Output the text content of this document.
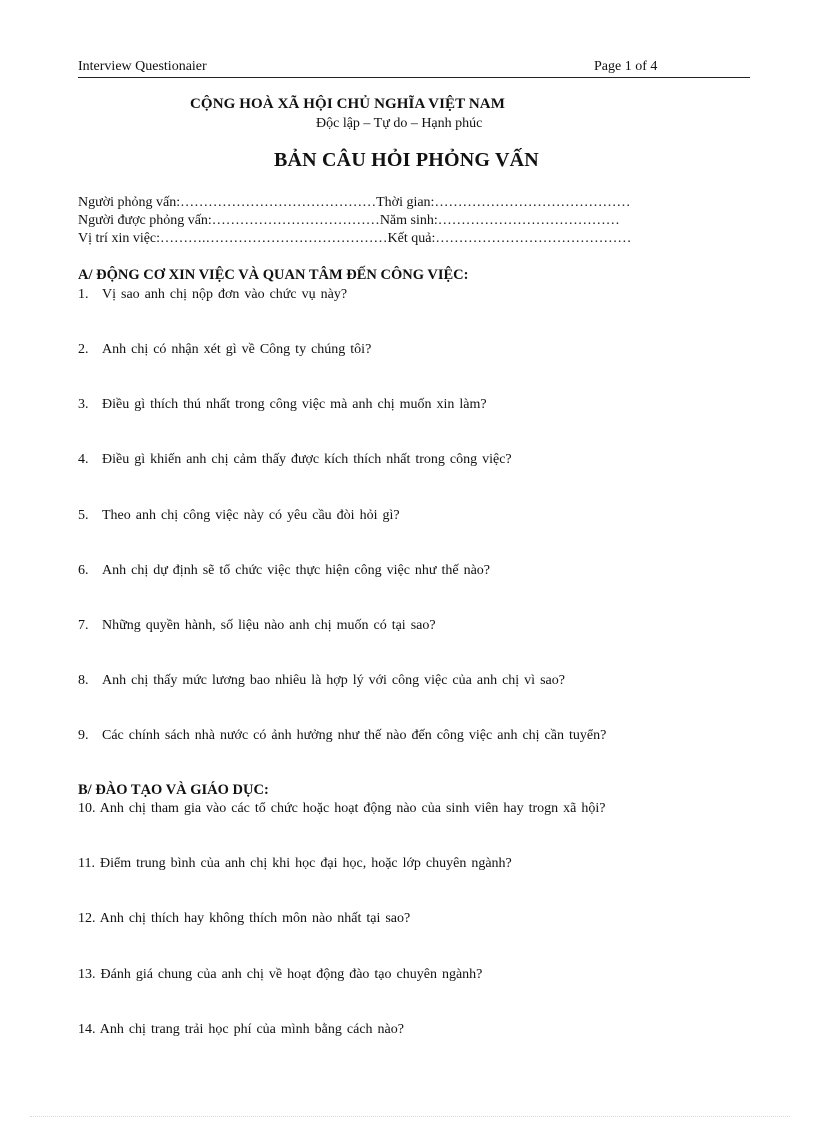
Interview Questionaier	Page 1 of 4
CỘNG HOÀ XÃ HỘI CHỦ NGHĨA VIỆT NAM
Độc lập – Tự do – Hạnh phúc
BẢN CÂU HỎI PHỎNG VẤN
Người phỏng vấn:……………………………………Thời gian:……………………………………
Người được phỏng vấn:………………………………Năm sinh:…………………………………
Vị trí xin việc:……….…………………………………Kết quả:……………………………………
A/ ĐỘNG CƠ XIN VIỆC VÀ QUAN TÂM ĐẾN CÔNG VIỆC:
1. Vị sao anh chị nộp đơn vào chức vụ này?
2. Anh chị có nhận xét gì về Công ty chúng tôi?
3. Điều gì thích thú nhất trong công việc mà anh chị muốn xin làm?
4. Điều gì khiến anh chị cảm thấy được kích thích nhất trong công việc?
5. Theo anh chị công việc này có yêu cầu đòi hỏi gì?
6. Anh chị dự định sẽ tổ chức việc thực hiện công việc như thế nào?
7. Những quyền hành, số liệu nào anh chị muốn có tại sao?
8. Anh chị thấy mức lương bao nhiêu là hợp lý với công việc của anh chị vì sao?
9. Các chính sách nhà nước có ảnh hưởng như thế nào đến công việc anh chị cần tuyển?
B/ ĐÀO TẠO VÀ GIÁO DỤC:
10. Anh chị tham gia vào các tổ chức hoặc hoạt động nào của sinh viên hay trogn xã hội?
11. Điểm trung bình của anh chị khi học đại học, hoặc lớp chuyên ngành?
12. Anh chị thích hay không thích môn nào nhất tại sao?
13. Đánh giá chung của anh chị về hoạt động đào tạo chuyên ngành?
14. Anh chị trang trải học phí của mình bằng cách nào?
